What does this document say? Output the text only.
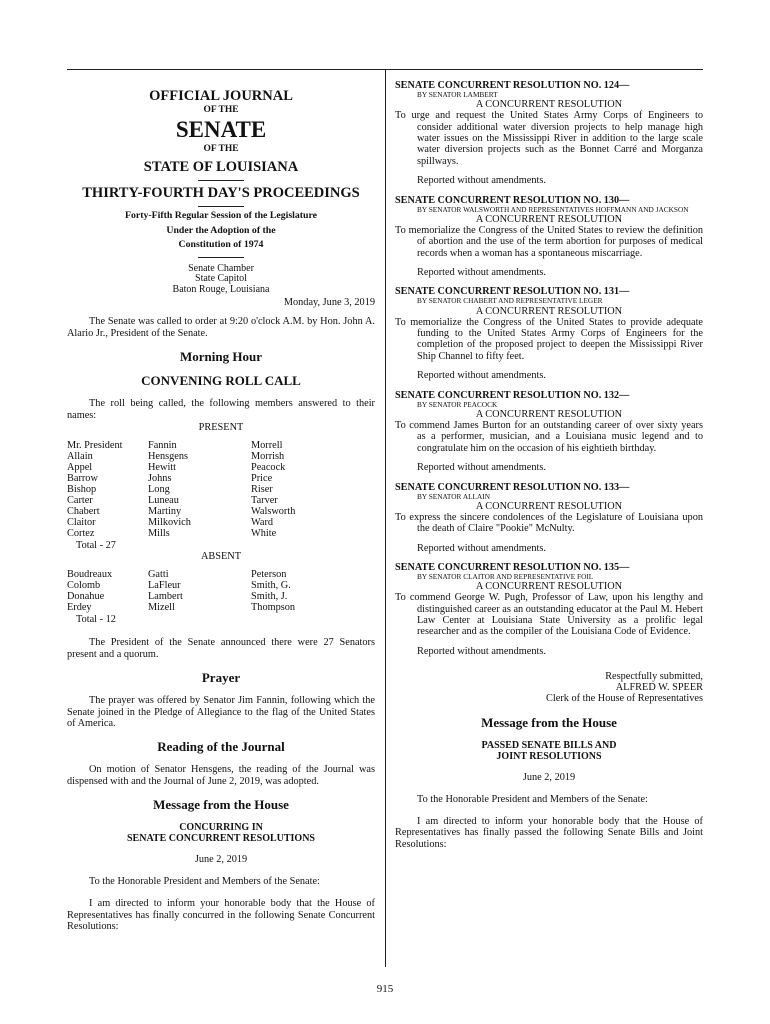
OFFICIAL JOURNAL
OF THE
SENATE
OF THE
STATE OF LOUISIANA
THIRTY-FOURTH DAY'S PROCEEDINGS
Forty-Fifth Regular Session of the Legislature
Under the Adoption of the
Constitution of 1974
Senate Chamber
State Capitol
Baton Rouge, Louisiana
Monday, June 3, 2019

The Senate was called to order at 9:20 o'clock A.M. by Hon. John A. Alario Jr., President of the Senate.

Morning Hour
CONVENING ROLL CALL

The roll being called, the following members answered to their names:

PRESENT
Mr. President	Fannin	Morrell
Allain	Hensgens	Morrish
Appel	Hewitt	Peacock
Barrow	Johns	Price
Bishop	Long	Riser
Carter	Luneau	Tarver
Chabert	Martiny	Walsworth
Claitor	Milkovich	Ward
Cortez	Mills	White
Total - 27
ABSENT
Boudreaux	Gatti	Peterson
Colomb	LaFleur	Smith, G.
Donahue	Lambert	Smith, J.
Erdey	Mizell	Thompson
Total - 12

The President of the Senate announced there were 27 Senators present and a quorum.

Prayer

The prayer was offered by Senator Jim Fannin, following which the Senate joined in the Pledge of Allegiance to the flag of the United States of America.

Reading of the Journal

On motion of Senator Hensgens, the reading of the Journal was dispensed with and the Journal of June 2, 2019, was adopted.

Message from the House
CONCURRING IN
SENATE CONCURRENT RESOLUTIONS
June 2, 2019

To the Honorable President and Members of the Senate:

I am directed to inform your honorable body that the House of Representatives has finally concurred in the following Senate Concurrent Resolutions:

SENATE CONCURRENT RESOLUTION NO. 124—
BY SENATOR LAMBERT
A CONCURRENT RESOLUTION
To urge and request the United States Army Corps of Engineers to consider additional water diversion projects to help manage high water issues on the Mississippi River in addition to the large scale water diversion projects such as the Bonnet Carré and Morganza spillways.
Reported without amendments.
SENATE CONCURRENT RESOLUTION NO. 130—
BY SENATOR WALSWORTH AND REPRESENTATIVES HOFFMANN AND JACKSON
A CONCURRENT RESOLUTION
To memorialize the Congress of the United States to review the definition of abortion and the use of the term abortion for purposes of medical records when a woman has a spontaneous miscarriage.
Reported without amendments.
SENATE CONCURRENT RESOLUTION NO. 131—
BY SENATOR CHABERT AND REPRESENTATIVE LEGER
A CONCURRENT RESOLUTION
To memorialize the Congress of the United States to provide adequate funding to the United States Army Corps of Engineers for the completion of the proposed project to deepen the Mississippi River Ship Channel to fifty feet.
Reported without amendments.
SENATE CONCURRENT RESOLUTION NO. 132—
BY SENATOR PEACOCK
A CONCURRENT RESOLUTION
To commend James Burton for an outstanding career of over sixty years as a performer, musician, and a Louisiana music legend and to congratulate him on the occasion of his eightieth birthday.
Reported without amendments.
SENATE CONCURRENT RESOLUTION NO. 133—
BY SENATOR ALLAIN
A CONCURRENT RESOLUTION
To express the sincere condolences of the Legislature of Louisiana upon the death of Claire "Pookie" McNulty.
Reported without amendments.
SENATE CONCURRENT RESOLUTION NO. 135—
BY SENATOR CLAITOR AND REPRESENTATIVE FOIL
A CONCURRENT RESOLUTION
To commend George W. Pugh, Professor of Law, upon his lengthy and distinguished career as an outstanding educator at the Paul M. Hebert Law Center at Louisiana State University as a prolific legal researcher and as the compiler of the Louisiana Code of Evidence.
Reported without amendments.
Respectfully submitted,
ALFRED W. SPEER
Clerk of the House of Representatives
Message from the House
PASSED SENATE BILLS AND
JOINT RESOLUTIONS
June 2, 2019

To the Honorable President and Members of the Senate:

I am directed to inform your honorable body that the House of Representatives has finally passed the following Senate Bills and Joint Resolutions:

915
